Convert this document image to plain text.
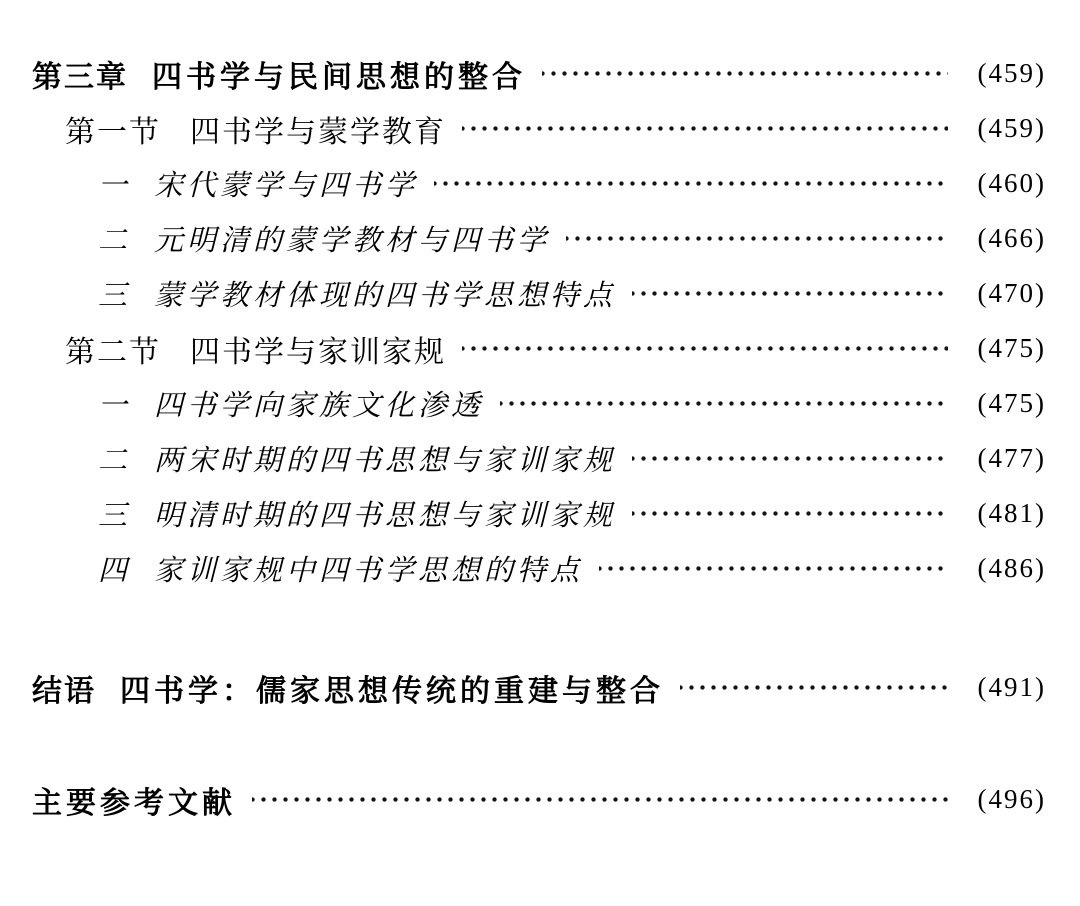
第三章 四书学与民间思想的整合	(459)
第一节 四书学与蒙学教育	(459)
一 宋代蒙学与四书学	(460)
二 元明清的蒙学教材与四书学	(466)
三 蒙学教材体现的四书学思想特点	(470)
第二节 四书学与家训家规	(475)
一 四书学向家族文化渗透	(475)
二 两宋时期的四书思想与家训家规	(477)
三 明清时期的四书思想与家训家规	(481)
四 家训家规中四书学思想的特点	(486)
结语 四书学：儒家思想传统的重建与整合	(491)
主要参考文献	(496)
